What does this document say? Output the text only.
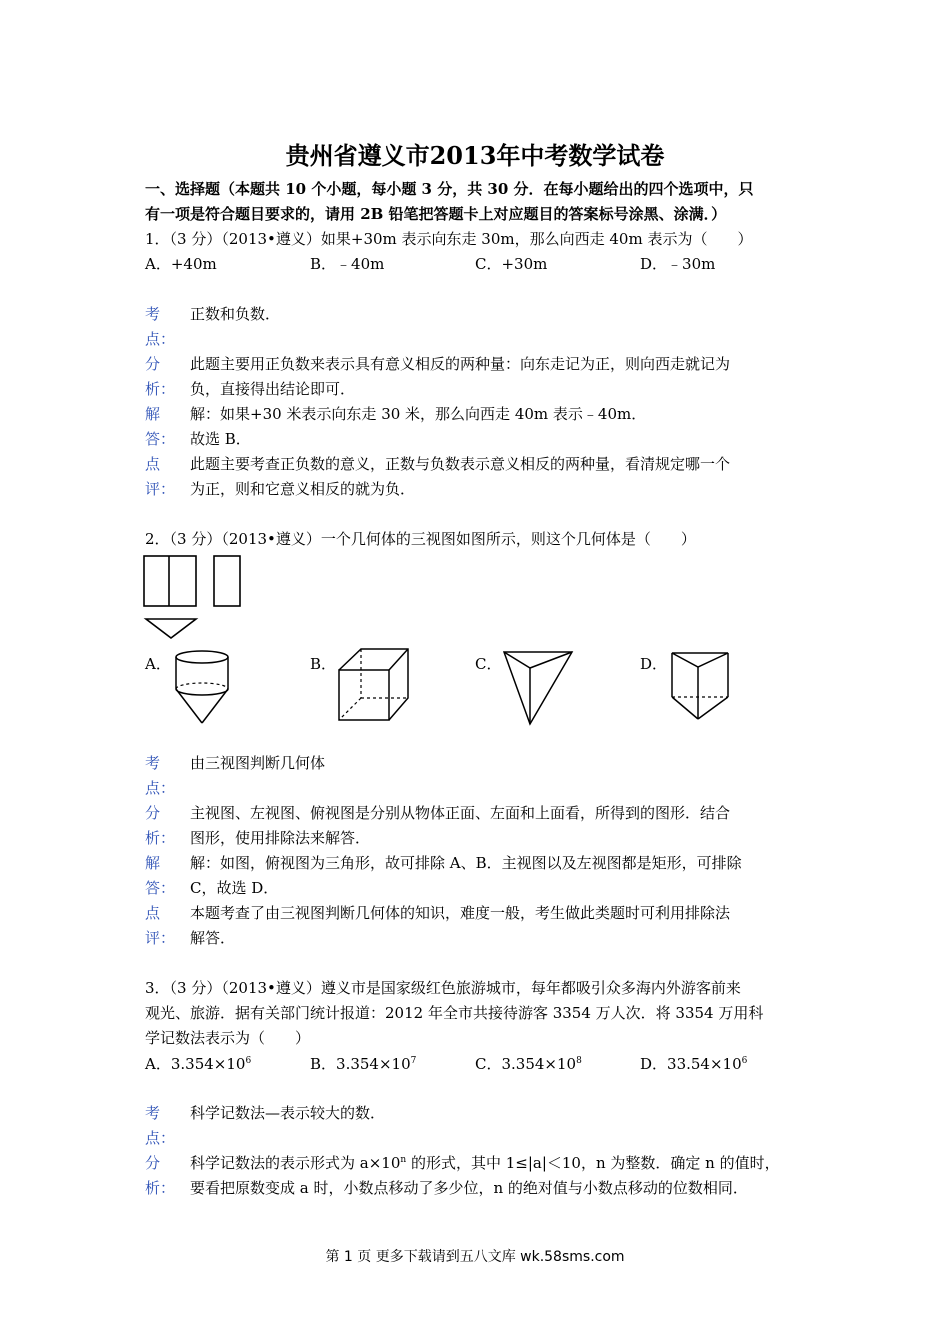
贵州省遵义市2013年中考数学试卷
一、选择题（本题共 10 个小题，每小题 3 分，共 30 分．在每小题给出的四个选项中，只
有一项是符合题目要求的，请用 2B 铅笔把答题卡上对应题目的答案标号涂黑、涂满．）
1．（3 分）（2013•遵义）如果+30m 表示向东走 30m，那么向西走 40m 表示为（　　）
A．+40m	B．﹣40m	C．+30m	D．﹣30m
考 正数和负数．
点：
分 此题主要用正负数来表示具有意义相反的两种量：向东走记为正，则向西走就记为
析： 负，直接得出结论即可．
解 解：如果+30 米表示向东走 30 米，那么向西走 40m 表示﹣40m．
答： 故选 B．
点 此题主要考查正负数的意义，正数与负数表示意义相反的两种量，看清规定哪一个
评： 为正，则和它意义相反的就为负．
2．（3 分）（2013•遵义）一个几何体的三视图如图所示，则这个几何体是（　　）
A．	B．	C．	D．
考 由三视图判断几何体
点：
分 主视图、左视图、俯视图是分别从物体正面、左面和上面看，所得到的图形．结合
析： 图形，使用排除法来解答．
解 解：如图，俯视图为三角形，故可排除 A、B．主视图以及左视图都是矩形，可排除
答： C，故选 D．
点 本题考查了由三视图判断几何体的知识，难度一般，考生做此类题时可利用排除法
评： 解答．
3．（3 分）（2013•遵义）遵义市是国家级红色旅游城市，每年都吸引众多海内外游客前来
观光、旅游．据有关部门统计报道：2012 年全市共接待游客 3354 万人次．将 3354 万用科
学记数法表示为（　　）
A．$3.354\times 10^6$	B．$3.354\times 10^7$	C．$3.354\times 10^8$	D．$33.54\times 10^6$
考 科学记数法—表示较大的数．
点：
分 科学记数法的表示形式为 $a\times 10^n$ 的形式，其中 1≤|a|＜10，n 为整数．确定 n 的值时，
析： 要看把原数变成 a 时，小数点移动了多少位，n 的绝对值与小数点移动的位数相同．
第 1 页 更多下载请到五八文库 wk.58sms.com
